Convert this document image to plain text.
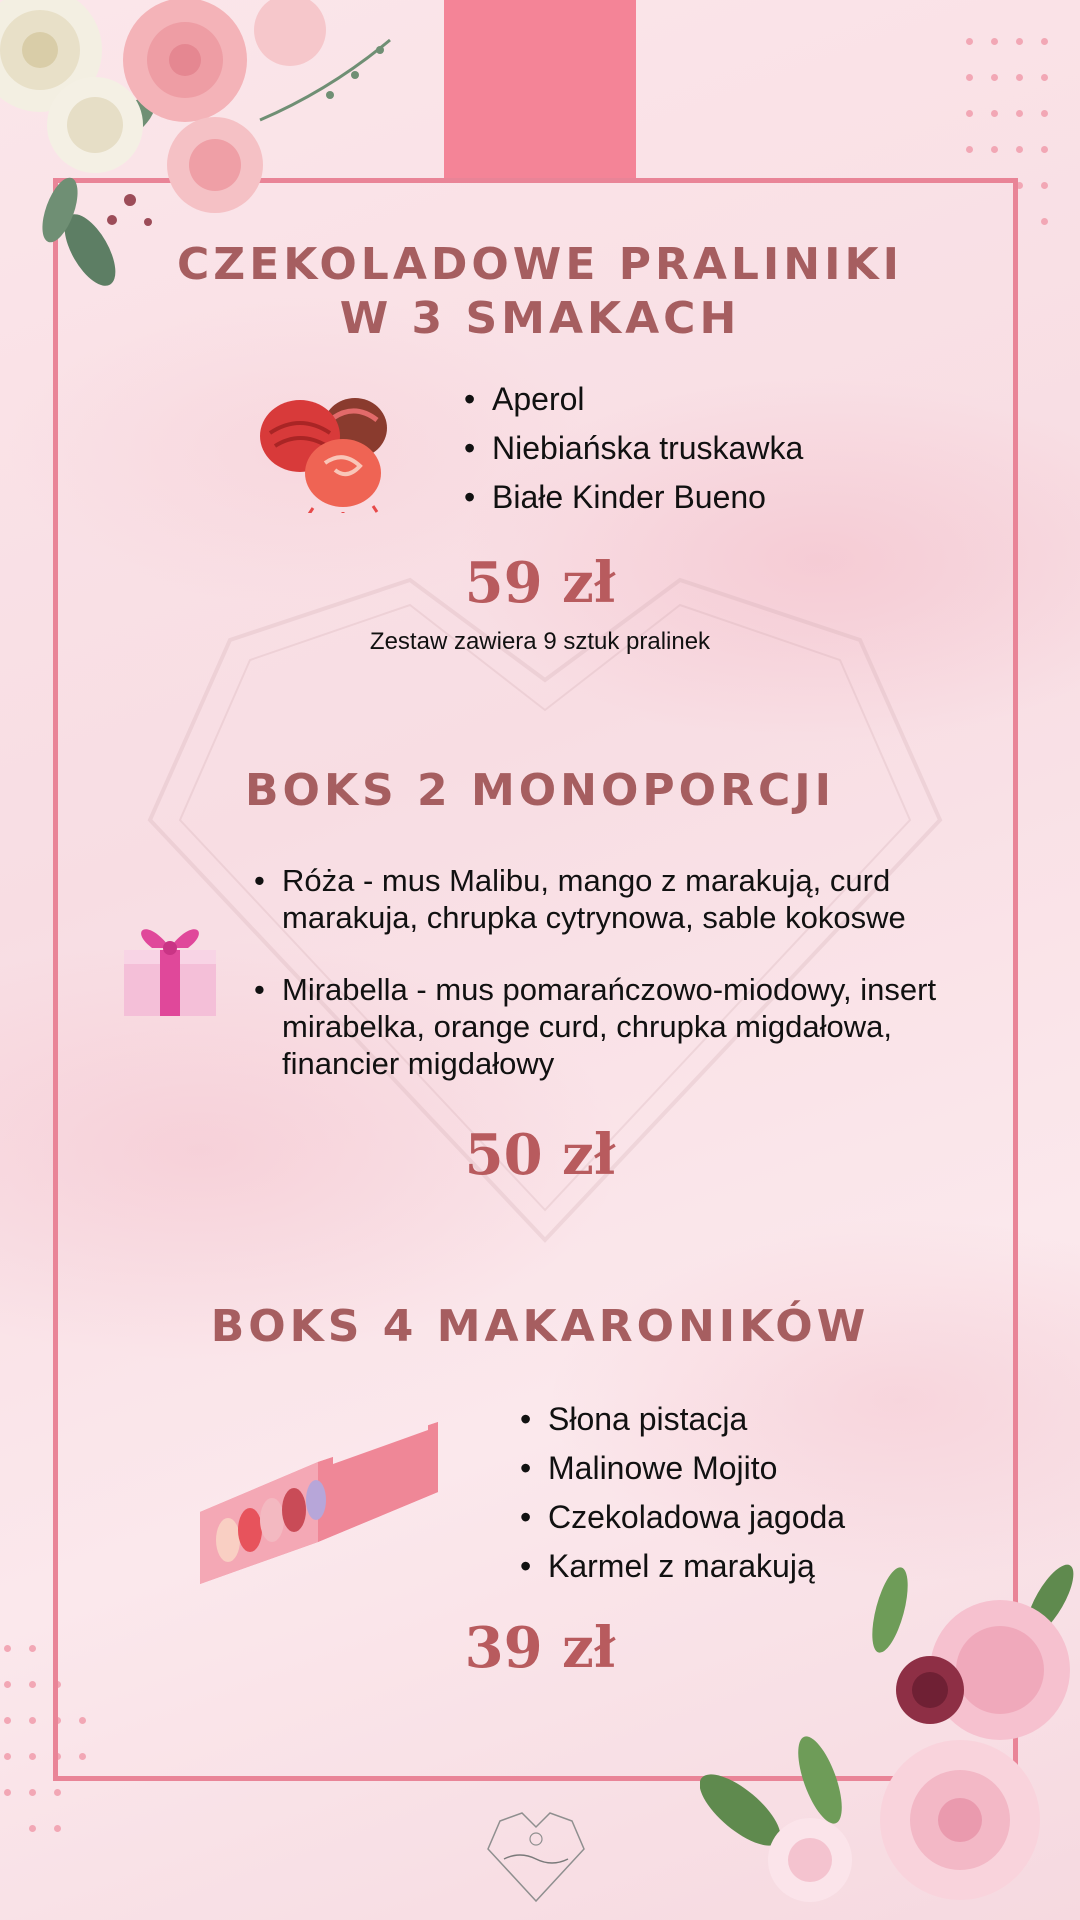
CZEKOLADOWE PRALINIKI
W 3 SMAKACH
• Aperol
• Niebiańska truskawka
• Białe Kinder Bueno
59 zł
Zestaw zawiera 9 sztuk pralinek
BOKS 2 MONOPORCJI
• Róża - mus Malibu, mango z marakują, curd marakuja, chrupka cytrynowa, sable kokoswe
• Mirabella - mus pomarańczowo-miodowy, insert mirabelka, orange curd, chrupka migdałowa, financier migdałowy
50 zł
BOKS 4 MAKARONIKÓW
• Słona pistacja
• Malinowe Mojito
• Czekoladowa jagoda
• Karmel z marakują
39 zł
